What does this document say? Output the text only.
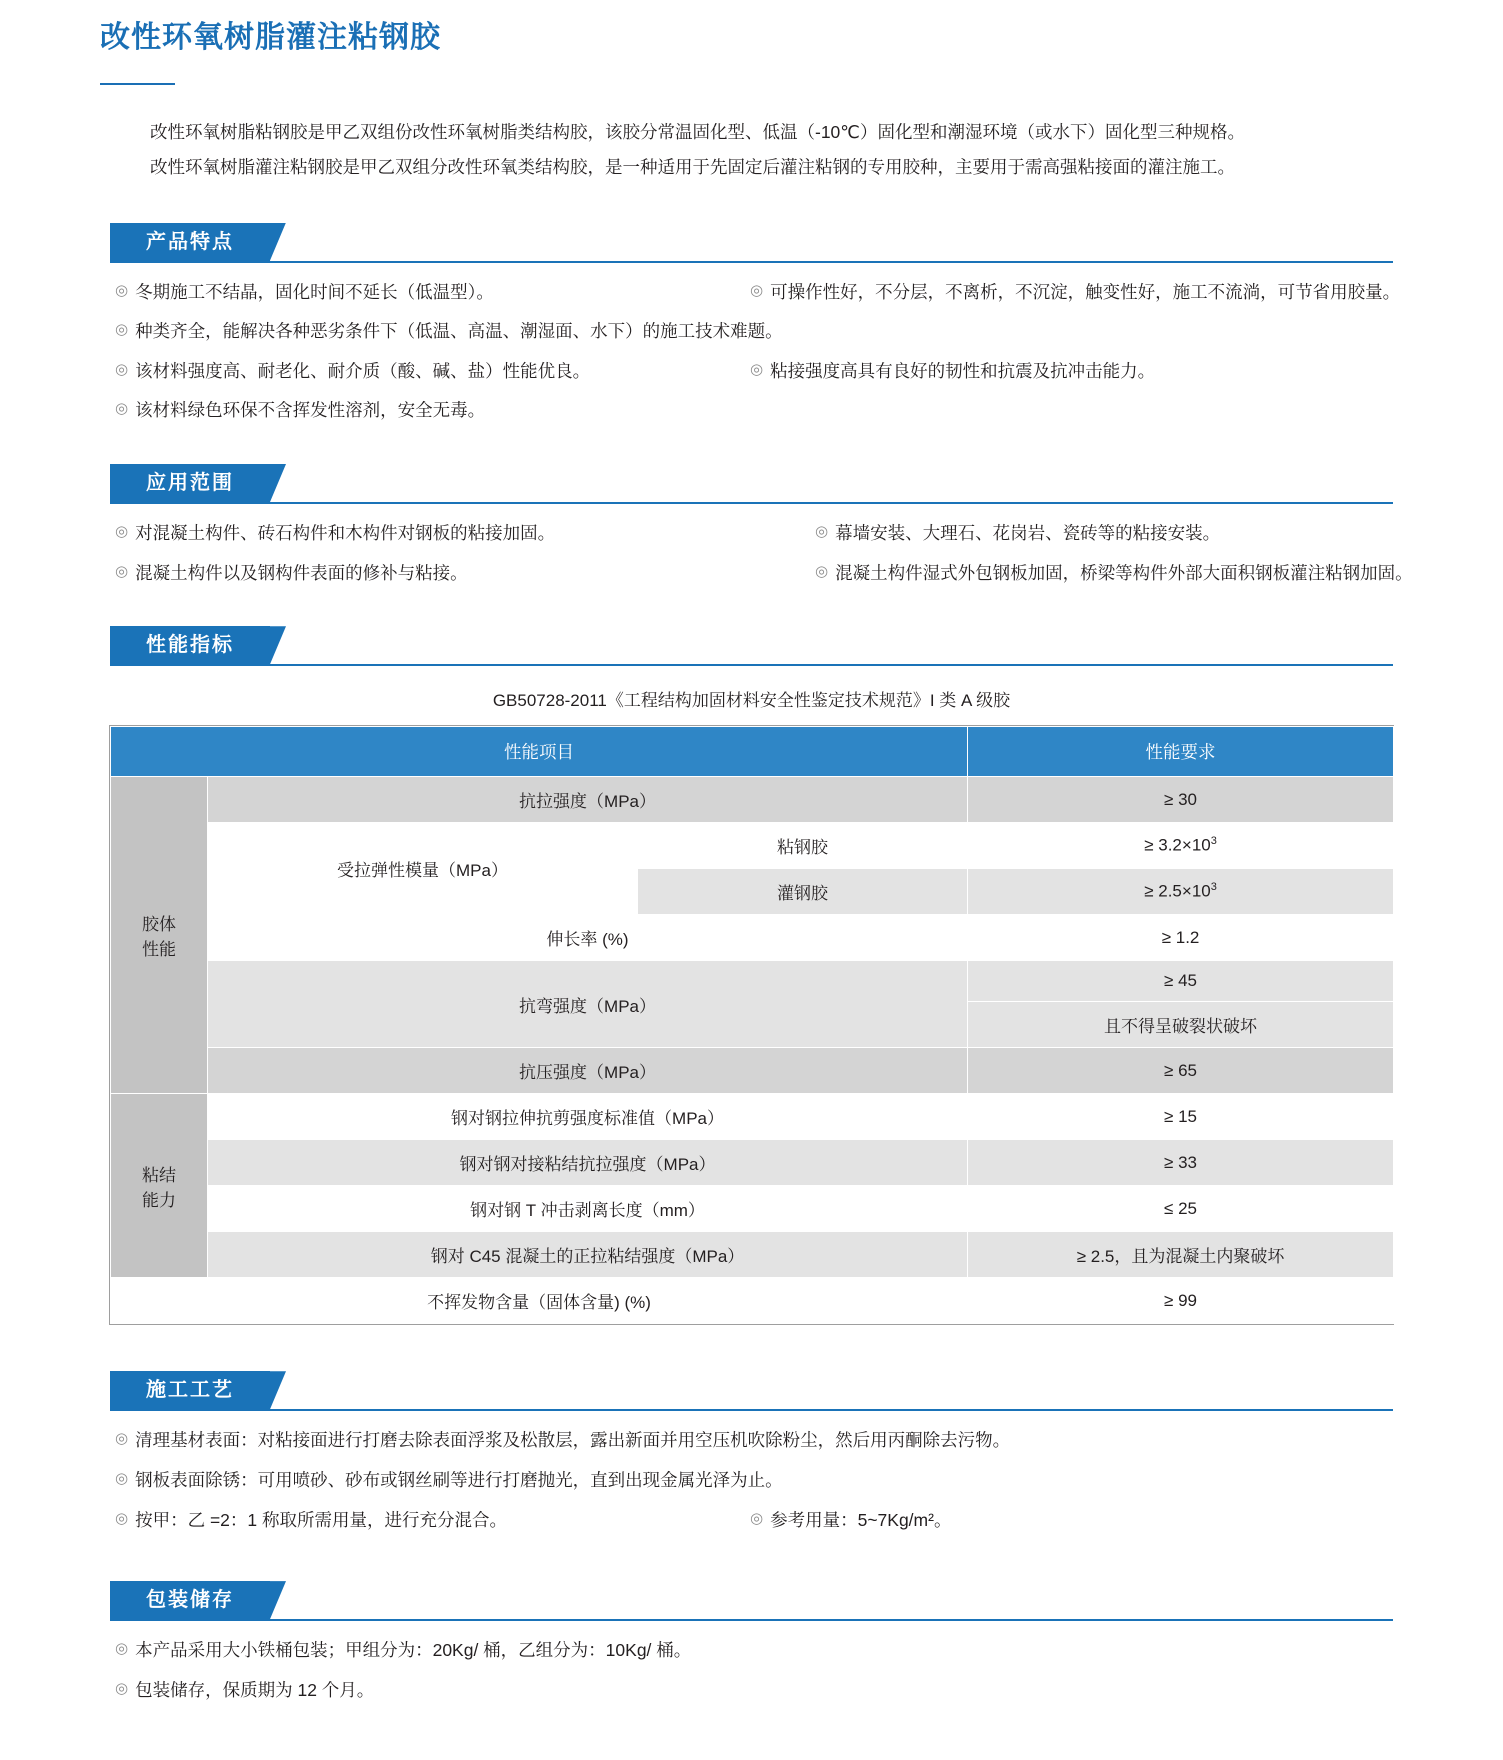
改性环氧树脂灌注粘钢胶

改性环氧树脂粘钢胶是甲乙双组份改性环氧树脂类结构胶，该胶分常温固化型、低温（-10℃）固化型和潮湿环境（或水下）固化型三种规格。

改性环氧树脂灌注粘钢胶是甲乙双组分改性环氧类结构胶，是一种适用于先固定后灌注粘钢的专用胶种，主要用于需高强粘接面的灌注施工。

产品特点
◎ 冬期施工不结晶，固化时间不延长（低温型）。	◎ 可操作性好，不分层，不离析，不沉淀，触变性好，施工不流淌，可节省用胶量。
◎ 种类齐全，能解决各种恶劣条件下（低温、高温、潮湿面、水下）的施工技术难题。
◎ 该材料强度高、耐老化、耐介质（酸、碱、盐）性能优良。	◎ 粘接强度高具有良好的韧性和抗震及抗冲击能力。
◎ 该材料绿色环保不含挥发性溶剂，安全无毒。
应用范围
◎ 对混凝土构件、砖石构件和木构件对钢板的粘接加固。	◎ 幕墙安装、大理石、花岗岩、瓷砖等的粘接安装。
◎ 混凝土构件以及钢构件表面的修补与粘接。	◎ 混凝土构件湿式外包钢板加固，桥梁等构件外部大面积钢板灌注粘钢加固。
性能指标
GB50728-2011《工程结构加固材料安全性鉴定技术规范》I 类 A 级胶
性能项目			性能要求

胶体
性能	抗拉强度（MPa）		≥ 30
	受拉弹性模量（MPa）	粘钢胶	≥ $3.2\times 10^3$
		灌钢胶	≥ $2.5\times 10^3$
	伸长率 (%)		≥ 1.2
	抗弯强度（MPa）		≥ 45
			且不得呈破裂状破坏
	抗压强度（MPa）		≥ 65

粘结
能力	钢对钢拉伸抗剪强度标准值（MPa）		≥ 15
	钢对钢对接粘结抗拉强度（MPa）		≥ 33
	钢对钢 T 冲击剥离长度（mm）		≤ 25
	钢对 C45 混凝土的正拉粘结强度（MPa）		≥ 2.5，且为混凝土内聚破坏
不挥发物含量（固体含量) (%)			≥ 99
施工工艺
◎ 清理基材表面：对粘接面进行打磨去除表面浮浆及松散层，露出新面并用空压机吹除粉尘，然后用丙酮除去污物。
◎ 钢板表面除锈：可用喷砂、砂布或钢丝刷等进行打磨抛光，直到出现金属光泽为止。
◎ 按甲：乙 =2：1 称取所需用量，进行充分混合。	◎ 参考用量：5~7Kg/m²。
包装储存
◎ 本产品采用大小铁桶包装；甲组分为：20Kg/ 桶，乙组分为：10Kg/ 桶。
◎ 包装储存，保质期为 12 个月。
